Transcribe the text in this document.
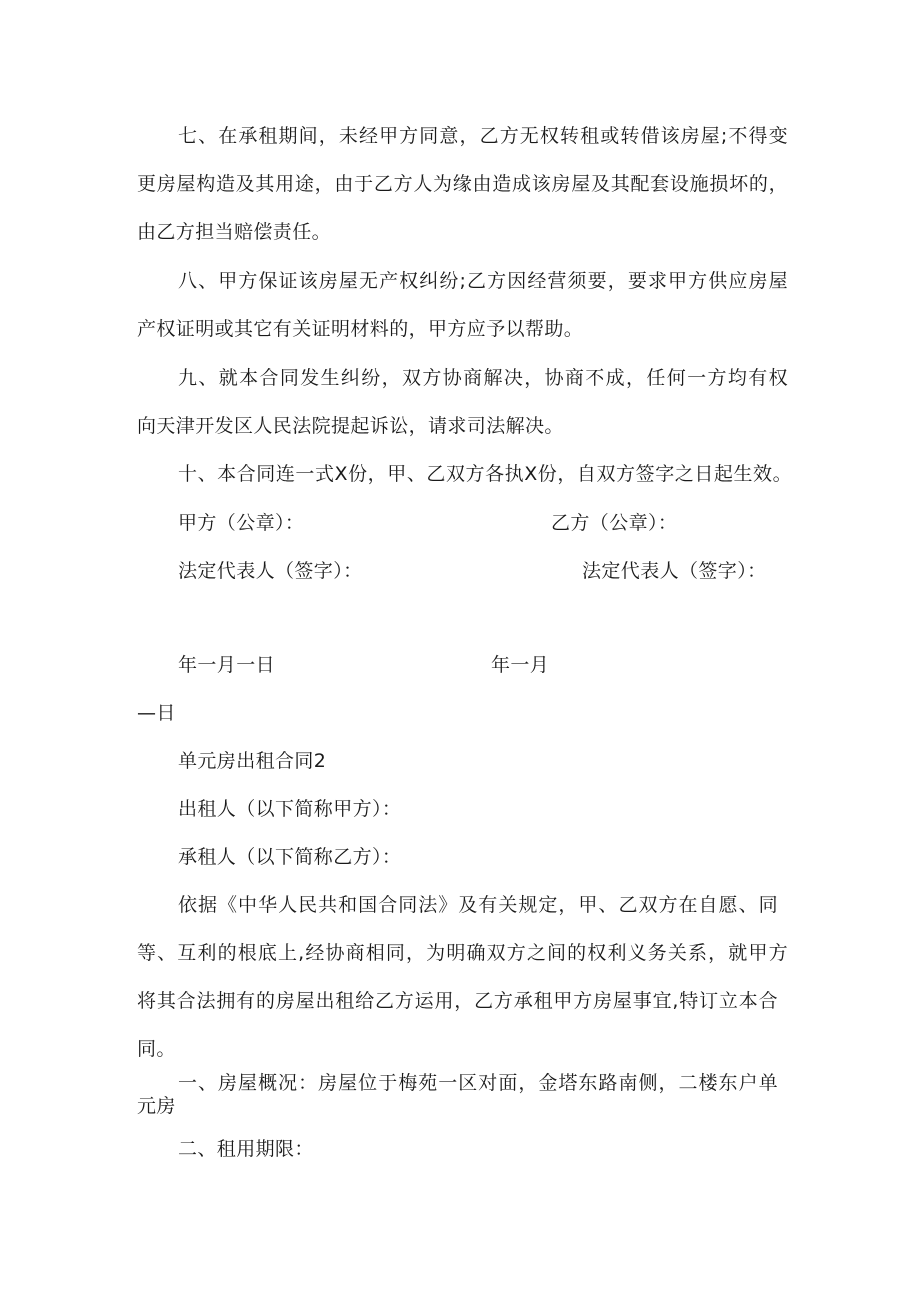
七、在承租期间，未经甲方同意，乙方无权转租或转借该房屋;不得变
更房屋构造及其用途，由于乙方人为缘由造成该房屋及其配套设施损坏的，
由乙方担当赔偿责任。
八、甲方保证该房屋无产权纠纷;乙方因经营须要，要求甲方供应房屋
产权证明或其它有关证明材料的，甲方应予以帮助。
九、就本合同发生纠纷，双方协商解决，协商不成，任何一方均有权
向天津开发区人民法院提起诉讼，请求司法解决。
十、本合同连一式X份，甲、乙双方各执X份，自双方签字之日起生效。
甲方（公章）：	乙方（公章）：
法定代表人（签字）：	法定代表人（签字）：
年一月一日	年一月
—日
单元房出租合同2
出租人（以下简称甲方）：
承租人（以下简称乙方）：
依据《中华人民共和国合同法》及有关规定，甲、乙双方在自愿、同
等、互利的根底上,经协商相同，为明确双方之间的权利义务关系，就甲方
将其合法拥有的房屋出租给乙方运用，乙方承租甲方房屋事宜,特订立本合
同。
一、房屋概况：房屋位于梅苑一区对面，金塔东路南侧，二楼东户单
元房
二、租用期限：
